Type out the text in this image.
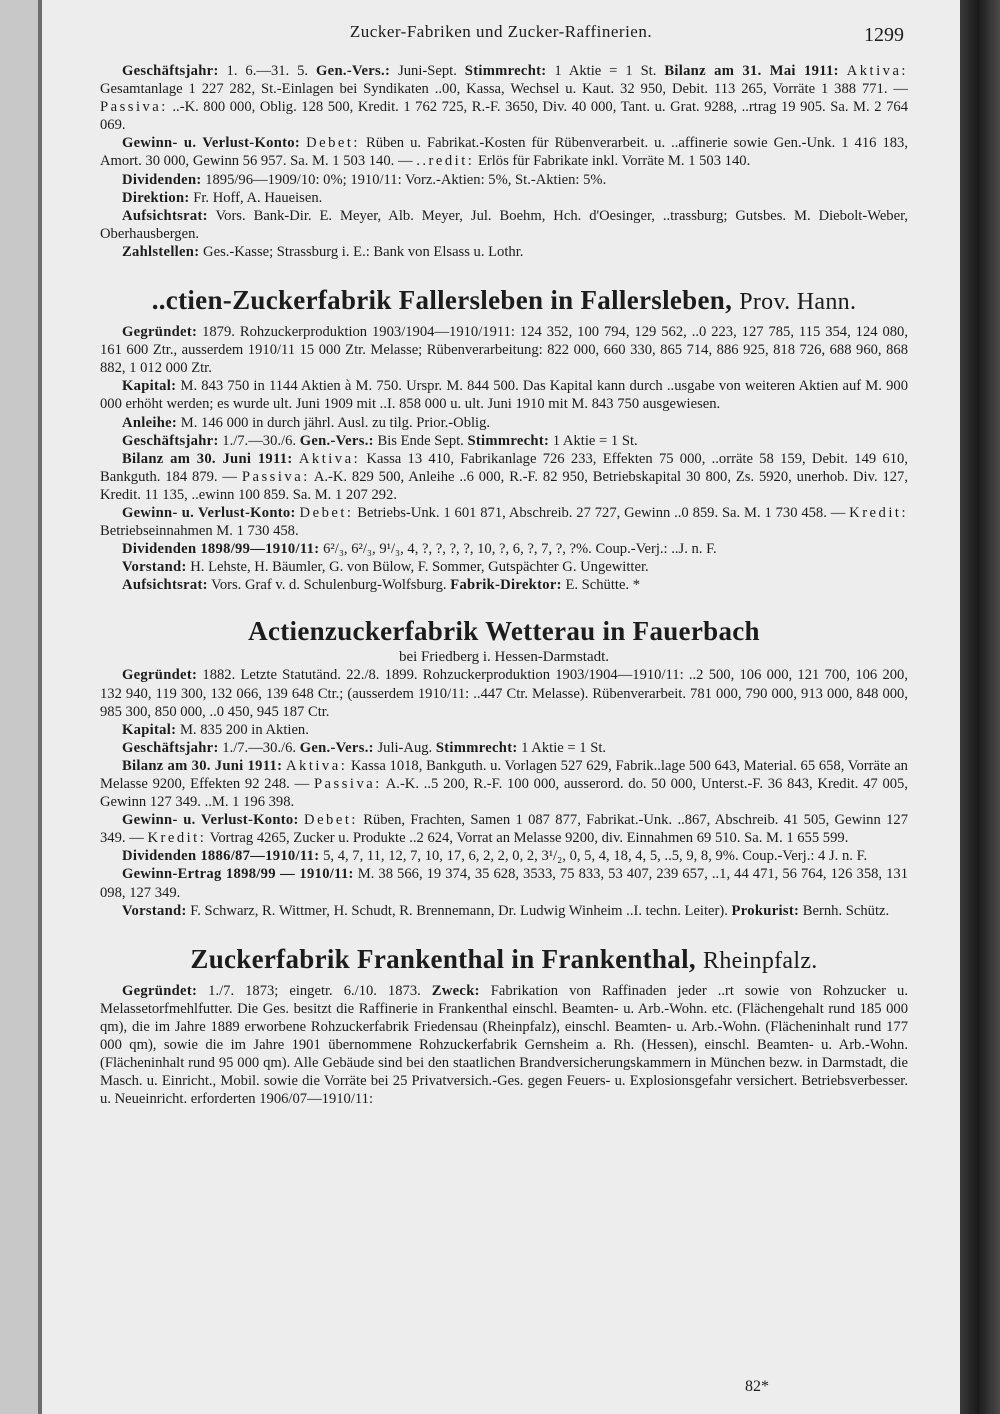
Zucker-Fabriken und Zucker-Raffinerien.	1299

Geschäftsjahr: 1. 6.—31. 5. Gen.-Vers.: Juni-Sept. Stimmrecht: 1 Aktie = 1 St. Bilanz am 31. Mai 1911: Aktiva: Gesamtanlage 1 227 282, St.-Einlagen bei Syndikaten ..00, Kassa, Wechsel u. Kaut. 32 950, Debit. 113 265, Vorräte 1 388 771. — Passiva: ..-K. 800 000, Oblig. 128 500, Kredit. 1 762 725, R.-F. 3650, Div. 40 000, Tant. u. Grat. 9288, ..rtrag 19 905. Sa. M. 2 764 069.

Gewinn- u. Verlust-Konto: Debet: Rüben u. Fabrikat.-Kosten für Rübenverarbeit. u. ..affinerie sowie Gen.-Unk. 1 416 183, Amort. 30 000, Gewinn 56 957. Sa. M. 1 503 140. — ..redit: Erlös für Fabrikate inkl. Vorräte M. 1 503 140.

Dividenden: 1895/96—1909/10: 0%; 1910/11: Vorz.-Aktien: 5%, St.-Aktien: 5%.

Direktion: Fr. Hoff, A. Haueisen.

Aufsichtsrat: Vors. Bank-Dir. E. Meyer, Alb. Meyer, Jul. Boehm, Hch. d'Oesinger, ..trassburg; Gutsbes. M. Diebolt-Weber, Oberhausbergen.

Zahlstellen: Ges.-Kasse; Strassburg i. E.: Bank von Elsass u. Lothr.

..ctien-Zuckerfabrik Fallersleben in Fallersleben, Prov. Hann.

Gegründet: 1879. Rohzuckerproduktion 1903/1904—1910/1911: 124 352, 100 794, 129 562, ..0 223, 127 785, 115 354, 124 080, 161 600 Ztr., ausserdem 1910/11 15 000 Ztr. Melasse; Rübenverarbeitung: 822 000, 660 330, 865 714, 886 925, 818 726, 688 960, 868 882, 1 012 000 Ztr.

Kapital: M. 843 750 in 1144 Aktien à M. 750. Urspr. M. 844 500. Das Kapital kann durch ..usgabe von weiteren Aktien auf M. 900 000 erhöht werden; es wurde ult. Juni 1909 mit ..I. 858 000 u. ult. Juni 1910 mit M. 843 750 ausgewiesen.

Anleihe: M. 146 000 in durch jährl. Ausl. zu tilg. Prior.-Oblig.

Geschäftsjahr: 1./7.—30./6. Gen.-Vers.: Bis Ende Sept. Stimmrecht: 1 Aktie = 1 St.

Bilanz am 30. Juni 1911: Aktiva: Kassa 13 410, Fabrikanlage 726 233, Effekten 75 000, ..orräte 58 159, Debit. 149 610, Bankguth. 184 879. — Passiva: A.-K. 829 500, Anleihe ..6 000, R.-F. 82 950, Betriebskapital 30 800, Zs. 5920, unerhob. Div. 127, Kredit. 11 135, ..ewinn 100 859. Sa. M. 1 207 292.

Gewinn- u. Verlust-Konto: Debet: Betriebs-Unk. 1 601 871, Abschreib. 27 727, Gewinn ..0 859. Sa. M. 1 730 458. — Kredit: Betriebseinnahmen M. 1 730 458.

Dividenden 1898/99—1910/11: 6²/₃, 6²/₃, 9¹/₃, 4, ?, ?, ?, ?, 10, ?, 6, ?, 7, ?, ?%. Coup.-Verj.: ..J. n. F.

Vorstand: H. Lehste, H. Bäumler, G. von Bülow, F. Sommer, Gutspächter G. Ungewitter.

Aufsichtsrat: Vors. Graf v. d. Schulenburg-Wolfsburg. Fabrik-Direktor: E. Schütte. *

Actienzuckerfabrik Wetterau in Fauerbach

bei Friedberg i. Hessen-Darmstadt.

Gegründet: 1882. Letzte Statutänd. 22./8. 1899. Rohzuckerproduktion 1903/1904—1910/11: ..2 500, 106 000, 121 700, 106 200, 132 940, 119 300, 132 066, 139 648 Ctr.; (ausserdem 1910/11: ..447 Ctr. Melasse). Rübenverarbeit. 781 000, 790 000, 913 000, 848 000, 985 300, 850 000, ..0 450, 945 187 Ctr.

Kapital: M. 835 200 in Aktien.

Geschäftsjahr: 1./7.—30./6. Gen.-Vers.: Juli-Aug. Stimmrecht: 1 Aktie = 1 St.

Bilanz am 30. Juni 1911: Aktiva: Kassa 1018, Bankguth. u. Vorlagen 527 629, Fabrik..lage 500 643, Material. 65 658, Vorräte an Melasse 9200, Effekten 92 248. — Passiva: A.-K. ..5 200, R.-F. 100 000, ausserord. do. 50 000, Unterst.-F. 36 843, Kredit. 47 005, Gewinn 127 349. ..M. 1 196 398.

Gewinn- u. Verlust-Konto: Debet: Rüben, Frachten, Samen 1 087 877, Fabrikat.-Unk. ..867, Abschreib. 41 505, Gewinn 127 349. — Kredit: Vortrag 4265, Zucker u. Produkte ..2 624, Vorrat an Melasse 9200, div. Einnahmen 69 510. Sa. M. 1 655 599.

Dividenden 1886/87—1910/11: 5, 4, 7, 11, 12, 7, 10, 17, 6, 2, 2, 0, 2, 3¹/₂, 0, 5, 4, 18, 4, 5, ..5, 9, 8, 9%. Coup.-Verj.: 4 J. n. F.

Gewinn-Ertrag 1898/99 — 1910/11: M. 38 566, 19 374, 35 628, 3533, 75 833, 53 407, 239 657, ..1, 44 471, 56 764, 126 358, 131 098, 127 349.

Vorstand: F. Schwarz, R. Wittmer, H. Schudt, R. Brennemann, Dr. Ludwig Winheim ..I. techn. Leiter). Prokurist: Bernh. Schütz.

Zuckerfabrik Frankenthal in Frankenthal, Rheinpfalz.

Gegründet: 1./7. 1873; eingetr. 6./10. 1873. Zweck: Fabrikation von Raffinaden jeder ..rt sowie von Rohzucker u. Melassetorfmehlfutter. Die Ges. besitzt die Raffinerie in Frankenthal einschl. Beamten- u. Arb.-Wohn. etc. (Flächengehalt rund 185 000 qm), die im Jahre 1889 erworbene Rohzuckerfabrik Friedensau (Rheinpfalz), einschl. Beamten- u. Arb.-Wohn. (Flächeninhalt rund 177 000 qm), sowie die im Jahre 1901 übernommene Rohzuckerfabrik Gernsheim a. Rh. (Hessen), einschl. Beamten- u. Arb.-Wohn. (Flächeninhalt rund 95 000 qm). Alle Gebäude sind bei den staatlichen Brandversicherungskammern in München bezw. in Darmstadt, die Masch. u. Einricht., Mobil. sowie die Vorräte bei 25 Privatversich.-Ges. gegen Feuers- u. Explosionsgefahr versichert. Betriebsverbesser. u. Neueinricht. erforderten 1906/07—1910/11:

82*
